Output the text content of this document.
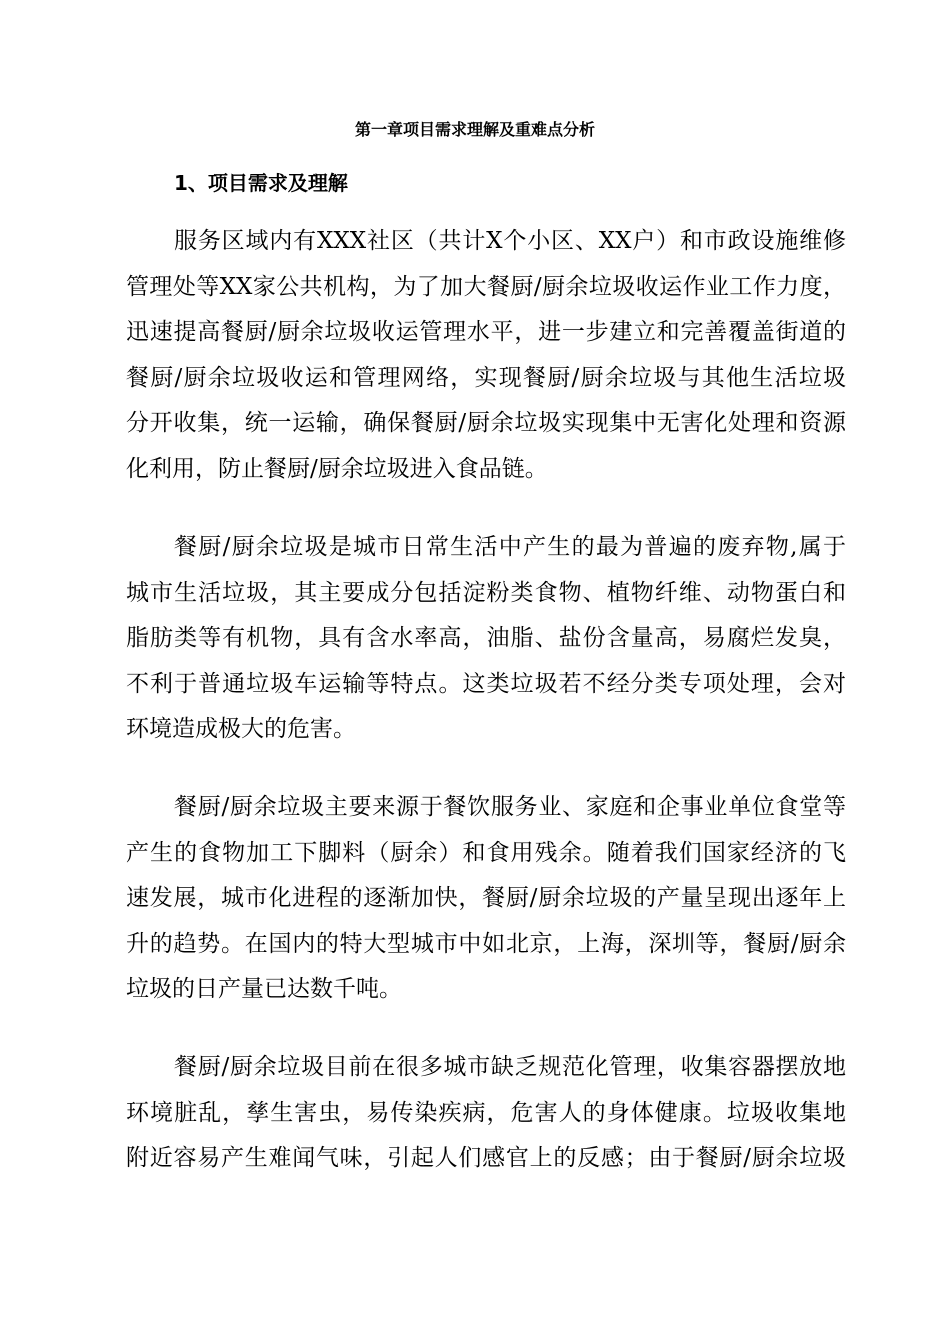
第一章项目需求理解及重难点分析
1、项目需求及理解
服务区域内有XXX社区（共计X个小区、XX户）和市政设施维修
管理处等XX家公共机构，为了加大餐厨/厨余垃圾收运作业工作力度，
迅速提高餐厨/厨余垃圾收运管理水平，进一步建立和完善覆盖街道的
餐厨/厨余垃圾收运和管理网络，实现餐厨/厨余垃圾与其他生活垃圾
分开收集，统一运输，确保餐厨/厨余垃圾实现集中无害化处理和资源
化利用，防止餐厨/厨余垃圾进入食品链。
餐厨/厨余垃圾是城市日常生活中产生的最为普遍的废弃物,属于
城市生活垃圾，其主要成分包括淀粉类食物、植物纤维、动物蛋白和
脂肪类等有机物，具有含水率高，油脂、盐份含量高，易腐烂发臭，
不利于普通垃圾车运输等特点。这类垃圾若不经分类专项处理，会对
环境造成极大的危害。
餐厨/厨余垃圾主要来源于餐饮服务业、家庭和企事业单位食堂等
产生的食物加工下脚料（厨余）和食用残余。随着我们国家经济的飞
速发展，城市化进程的逐渐加快，餐厨/厨余垃圾的产量呈现出逐年上
升的趋势。在国内的特大型城市中如北京，上海，深圳等，餐厨/厨余
垃圾的日产量已达数千吨。
餐厨/厨余垃圾目前在很多城市缺乏规范化管理，收集容器摆放地
环境脏乱，孳生害虫，易传染疾病，危害人的身体健康。垃圾收集地
附近容易产生难闻气味，引起人们感官上的反感；由于餐厨/厨余垃圾
